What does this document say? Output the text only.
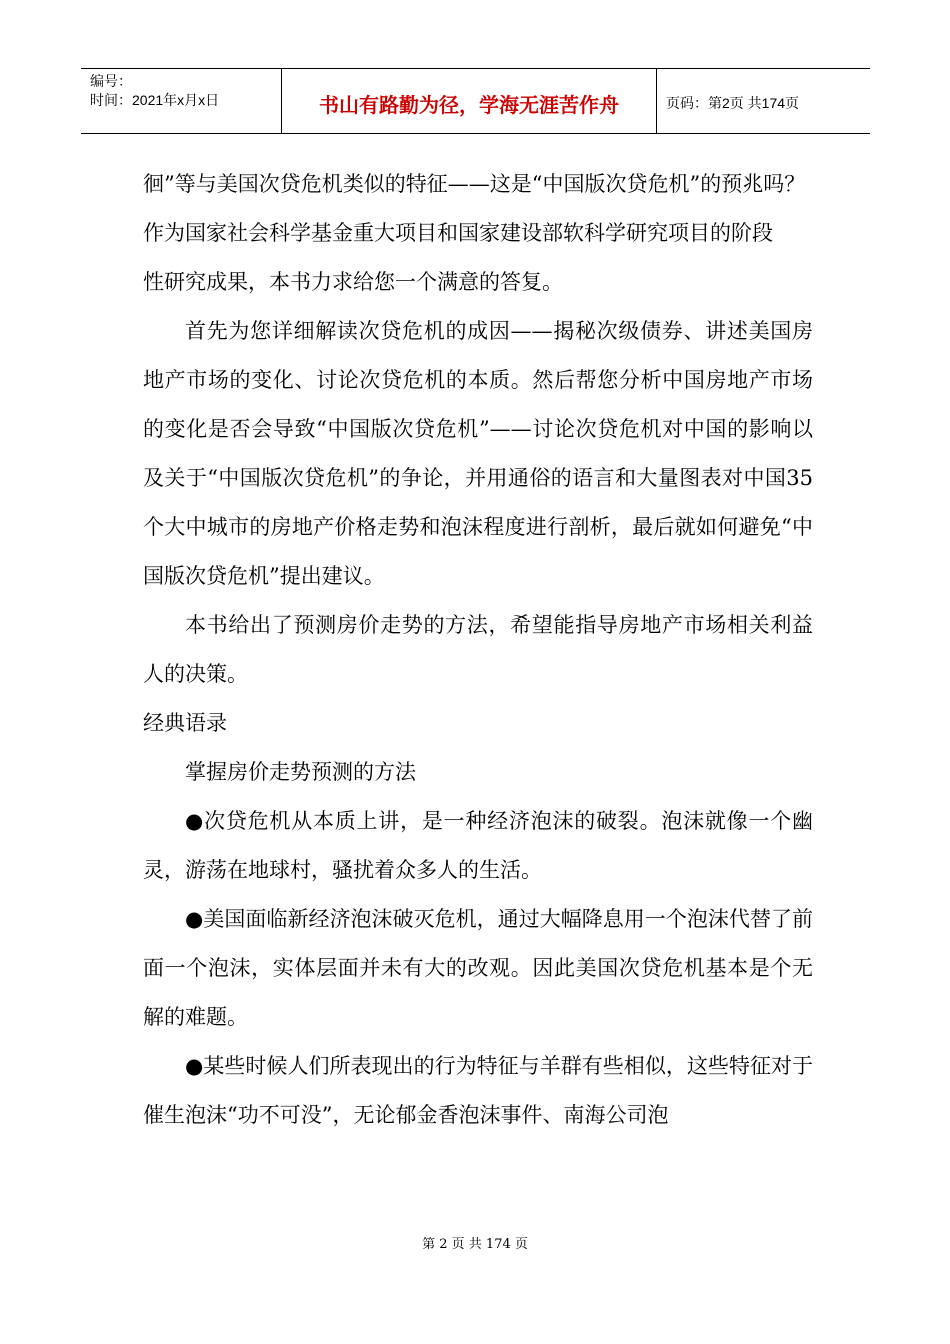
编号：
时间：2021年x月x日	书山有路勤为径，学海无涯苦作舟	页码：第2页 共174页

徊”等与美国次贷危机类似的特征——这是“中国版次贷危机”的预兆吗？作为国家社会科学基金重大项目和国家建设部软科学研究项目的阶段

性研究成果，本书力求给您一个满意的答复。

首先为您详细解读次贷危机的成因——揭秘次级债券、讲述美国房地产市场的变化、讨论次贷危机的本质。然后帮您分析中国房地产市场的变化是否会导致“中国版次贷危机”——讨论次贷危机对中国的影响以及关于“中国版次贷危机”的争论，并用通俗的语言和大量图表对中国35个大中城市的房地产价格走势和泡沫程度进行剖析，最后就如何避免“中国版次贷危机”提出建议。

本书给出了预测房价走势的方法，希望能指导房地产市场相关利益人的决策。

经典语录

掌握房价走势预测的方法

●次贷危机从本质上讲，是一种经济泡沫的破裂。泡沫就像一个幽灵，游荡在地球村，骚扰着众多人的生活。

●美国面临新经济泡沫破灭危机，通过大幅降息用一个泡沫代替了前面一个泡沫，实体层面并未有大的改观。因此美国次贷危机基本是个无解的难题。

●某些时候人们所表现出的行为特征与羊群有些相似，这些特征对于催生泡沫“功不可没”，无论郁金香泡沫事件、南海公司泡

第 2 页 共 174 页
